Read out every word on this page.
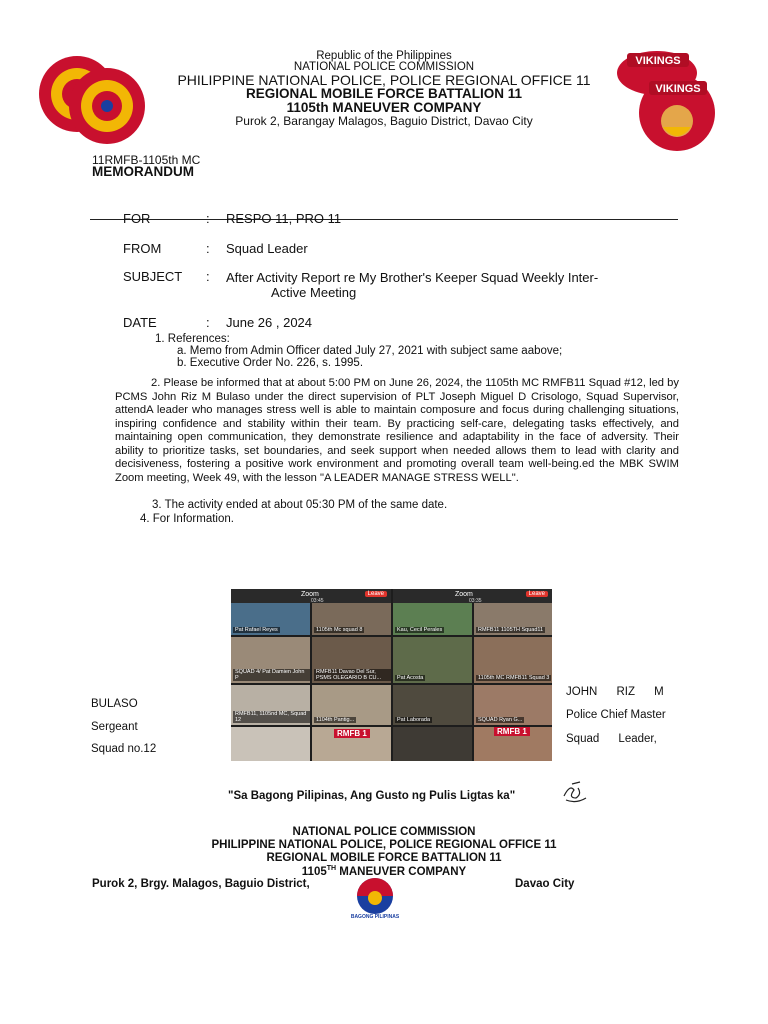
VIKINGS
VIKINGS
Republic of the Philippines
NATIONAL POLICE COMMISSION
PHILIPPINE NATIONAL POLICE, POLICE REGIONAL OFFICE 11
REGIONAL MOBILE FORCE BATTALION 11
1105th MANEUVER COMPANY
Purok 2, Barangay Malagos, Baguio District, Davao City
11RMFB-1105th MC
MEMORANDUM
FOR	: RESPO 11, PRO 11
FROM	: Squad Leader
SUBJECT : After Activity Report re My Brother's Keeper Squad Weekly Inter-
Active Meeting
DATE	: June 26 , 2024
1. References:
a. Memo from Admin Officer dated July 27, 2021 with subject same aabove;
b. Executive Order No. 226, s. 1995.
2. Please be informed that at about 5:00 PM on June 26, 2024, the 1105th MC RMFB11 Squad #12, led by PCMS John Riz M Bulaso under the direct supervision of PLT Joseph Miguel D Crisologo, Squad Supervisor, attendA leader who manages stress well is able to maintain composure and focus during challenging situations, inspiring confidence and stability within their team. By practicing self-care, delegating tasks effectively, and maintaining open communication, they demonstrate resilience and adaptability in the face of adversity. Their ability to prioritize tasks, set boundaries, and seek support when needed allows them to lead with clarity and decisiveness, fostering a positive work environment and promoting overall team well-being.ed the MBK SWIM Zoom meeting, Week 49, with the lesson "A LEADER MANAGE STRESS WELL".
3. The activity ended at about 05:30 PM of the same date.
4. For Information.
Zoom	Leave
03:45
Zoom	Leave
03:35
Pat Rafael Reyes	1105th Mc squad 8	Kau, Cecil Perales	RMFB11 1105TH Squad11
SQUAD 4/ Pat Damien John P
RMFB11 Davao Del Sur, PSMS OLEGARIO B CU...	Pat Acosta	1105th MC RMFB11 Squad 3
RMFB11, 1105nd MC, Squad 12	1104th Pantig...	Pat Laborada	SQUAD Ryan G...
RMFB 1	RMFB 1
BULASO
Sergeant
Squad no.12
JOHN      RIZ      M
Police Chief Master
Squad      Leader,
"Sa Bagong Pilipinas, Ang Gusto ng Pulis Ligtas ka"
NATIONAL POLICE COMMISSION
PHILIPPINE NATIONAL POLICE, POLICE REGIONAL OFFICE 11
REGIONAL MOBILE FORCE BATTALION 11
1105TH MANEUVER COMPANY
Purok 2, Brgy. Malagos, Baguio District,	Davao City
BAGONG PILIPINAS
